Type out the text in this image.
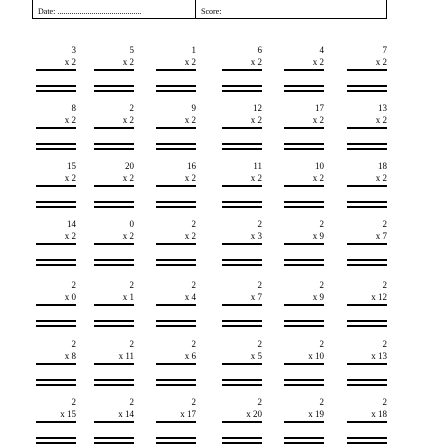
Date: ..........................................	Score:
3
x 2
5
x 2
1
x 2
6
x 2
4
x 2
7
x 2
8
x 2
2
x 2
9
x 2
12
x 2
17
x 2
13
x 2
15
x 2
20
x 2
16
x 2
11
x 2
10
x 2
18
x 2
14
x 2
0
x 2
2
x 2
2
x 3
2
x 9
2
x 7
2
x 0
2
x 1
2
x 4
2
x 7
2
x 9
2
x 12
2
x 8
2
x 11
2
x 6
2
x 5
2
x 10
2
x 13
2
x 15
2
x 14
2
x 17
2
x 20
2
x 19
2
x 18
